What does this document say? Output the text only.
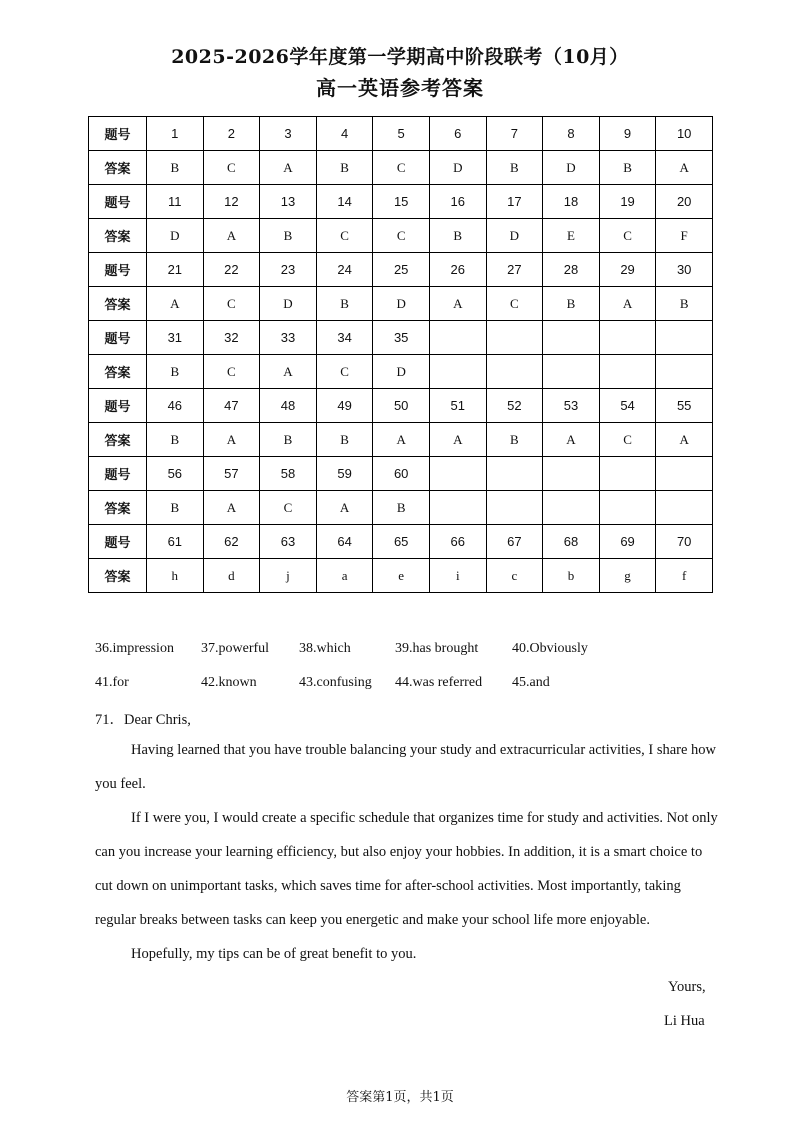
2025-2026学年度第一学期高中阶段联考（10月）
高一英语参考答案
题号	1	2	3	4	5	6	7	8	9	10
答案	B	C	A	B	C	D	B	D	B	A
题号	11	12	13	14	15	16	17	18	19	20
答案	D	A	B	C	C	B	D	E	C	F
题号	21	22	23	24	25	26	27	28	29	30
答案	A	C	D	B	D	A	C	B	A	B
题号	31	32	33	34	35					
答案	B	C	A	C	D					
题号	46	47	48	49	50	51	52	53	54	55
答案	B	A	B	B	A	A	B	A	C	A
题号	56	57	58	59	60					
答案	B	A	C	A	B					
题号	61	62	63	64	65	66	67	68	69	70
答案	h	d	j	a	e	i	c	b	g	f
36.impression 37.powerful 38.which	39.has brought 40.Obviously
41.for	42.known	43.confusing 44.was referred 45.and
71．Dear Chris,
Having learned that you have trouble balancing your study and extracurricular activities, I share how
you feel.
If I were you, I would create a specific schedule that organizes time for study and activities. Not only
can you increase your learning efficiency, but also enjoy your hobbies. In addition, it is a smart choice to
cut down on unimportant tasks, which saves time for after-school activities. Most importantly, taking
regular breaks between tasks can keep you energetic and make your school life more enjoyable.
Hopefully, my tips can be of great benefit to you.
Yours,
Li Hua
答案第1页，共1页
